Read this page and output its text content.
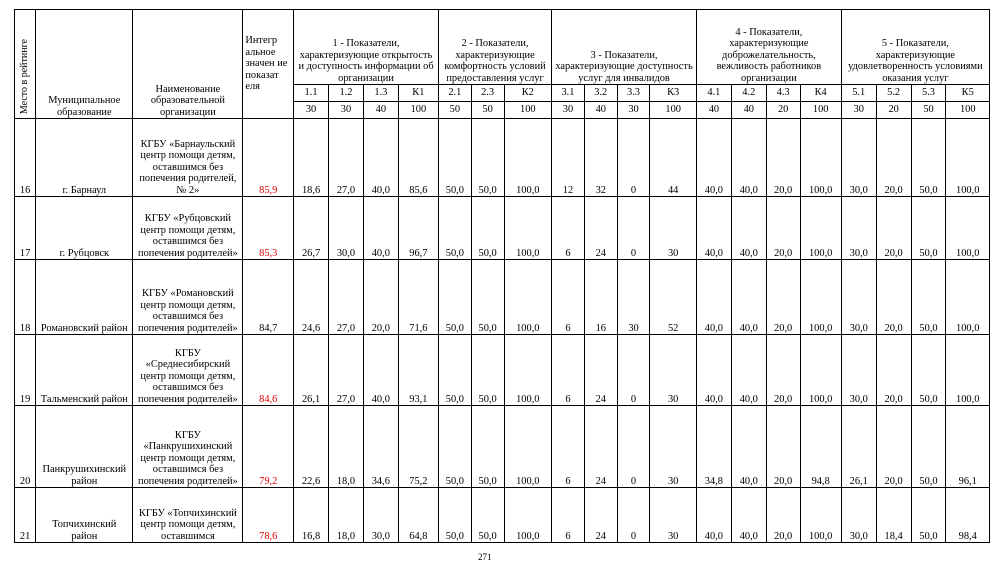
Место в рейтинге	Муниципальное образование	Наименование образовательной организации	Интегр альное значен ие показат еля	1 - Показатели, характеризующие открытость и доступность информации об организации				2 - Показатели, характеризующие комфортность условий предоставления услуг			3 - Показатели, характеризующие доступность услуг для инвалидов				4 - Показатели, характеризующие доброжелательность, вежливость работников организации				5 - Показатели, характеризующие удовлетворенность условиями оказания услуг			
				1.1	1.2	1.3	К1	2.1	2.3	К2	3.1	3.2	3.3	К3	4.1	4.2	4.3	К4	5.1	5.2	5.3	К5
				30	30	40	100	50	50	100	30	40	30	100	40	40	20	100	30	20	50	100
16	г. Барнаул	КГБУ «Барнаульский центр помощи детям, оставшимся без попечения родителей, № 2»	85,9	18,6	27,0	40,0	85,6	50,0	50,0	100,0	12	32	0	44	40,0	40,0	20,0	100,0	30,0	20,0	50,0	100,0
17	г. Рубцовск	КГБУ «Рубцовский центр помощи детям, оставшимся без попечения родителей»	85,3	26,7	30,0	40,0	96,7	50,0	50,0	100,0	6	24	0	30	40,0	40,0	20,0	100,0	30,0	20,0	50,0	100,0
18	Романовский район	КГБУ «Романовский центр помощи детям, оставшимся без попечения родителей»	84,7	24,6	27,0	20,0	71,6	50,0	50,0	100,0	6	16	30	52	40,0	40,0	20,0	100,0	30,0	20,0	50,0	100,0
19	Тальменский район	КГБУ «Среднесибирский центр помощи детям, оставшимся без попечения родителей»	84,6	26,1	27,0	40,0	93,1	50,0	50,0	100,0	6	24	0	30	40,0	40,0	20,0	100,0	30,0	20,0	50,0	100,0
20	Панкрушихинский район	КГБУ «Панкрушихинский центр помощи детям, оставшимся без попечения родителей»	79,2	22,6	18,0	34,6	75,2	50,0	50,0	100,0	6	24	0	30	34,8	40,0	20,0	94,8	26,1	20,0	50,0	96,1
21	Топчихинский район	КГБУ «Топчихинский центр помощи детям, оставшимся	78,6	16,8	18,0	30,0	64,8	50,0	50,0	100,0	6	24	0	30	40,0	40,0	20,0	100,0	30,0	18,4	50,0	98,4
271
